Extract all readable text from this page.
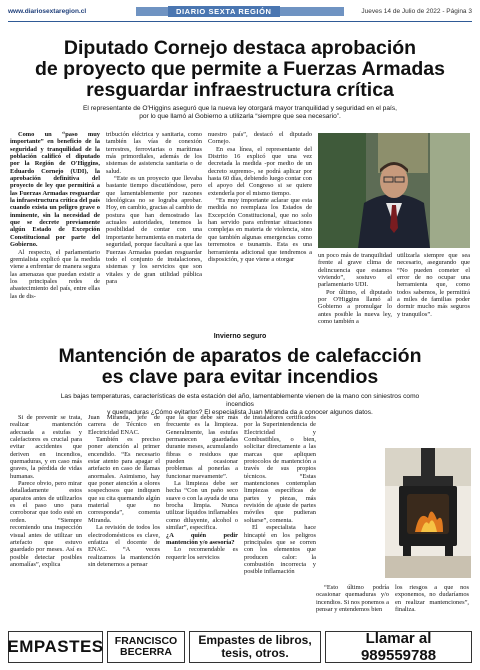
www.diariosextaregion.cl	DIARIO SEXTA REGIÓN	Jueves 14 de Julio de 2022 - Página 3
Diputado Cornejo destaca aprobación
de proyecto que permite a Fuerzas Armadas
resguardar infraestructura crítica
El representante de O'Higgins aseguró que la nueva ley otorgará mayor tranquilidad y seguridad en el país,
por lo que llamó al Gobierno a utilizarla “siempre que sea necesario”.

Como un “paso muy importante” en beneficio de la seguridad y tranquilidad de la población calificó el diputado por la Región de O'Higgins, Eduardo Cornejo (UDI), la aprobación definitiva del proyecto de ley que permitirá a las Fuerzas Armadas resguardar la infraestructura crítica del país cuando exista un peligro grave o inminente, sin la necesidad de que se decrete previamente algún Estado de Excepción Constitucional por parte del Gobierno.

Al respecto, el parlamentario gremialista explicó que la medida viene a enfrentar de manera segura las amenazas que puedan existir a los principales redes de abastecimiento del país, entre ellas las de dis-

tribución eléctrica y sanitaria, como también las vías de conexión terrestres, ferroviarias o marítimas más primordiales, además de los sistemas de asistencia sanitaria o de salud.

“Este es un proyecto que llevaba bastante tiempo discutiéndose, pero que lamentablemente por razones ideológicas no se lograba aprobar. Hoy, en cambio, gracias al cambio de postura que han demostrado las actuales autoridades, tenemos la posibilidad de contar con una importante herramienta en materia de seguridad, porque facultará a que las Fuerzas Armadas puedan resguardar todo el conjunto de instalaciones, sistemas y los servicios que son vitales y de gran utilidad pública para

nuestro país”, destacó el diputado Cornejo.

En esa línea, el representante del Distrito 16 explicó que una vez decretada la medida -por medio de un decreto supremo-, se podrá aplicar por hasta 60 días, debiendo luego contar con el apoyo del Congreso si se quiere extenderla por el mismo tiempo.

“Es muy importante aclarar que esta medida no reemplaza los Estados de Excepción Constitucional, que no solo han servido para enfrentar situaciones complejas en materia de violencia, sino que también algunas emergencias como terremotos e tsunamis. Esta es una herramienta adicional que tendremos a disposición, y que viene a otorgar

un poco más de tranquilidad frente al grave clima de delincuencia que estamos viviendo”, sostuvo el parlamentario UDI.

Por último, el diputado por O'Higgins llamó al Gobierno a promulgar lo antes posible la nueva ley, como también a

utilizarla siempre que sea necesario, asegurando que “No pueden cometer el error de no ocupar una herramienta que, como todos sabemos, le permitirá a miles de familias poder dormir mucho más seguros y tranquilos”.

Invierno seguro
Mantención de aparatos de calefacción
es clave para evitar incendios
Las bajas temperaturas, características de esta estación del año, lamentablemente vienen de la mano con siniestros como incendios
y quemaduras ¿Cómo evitarlos? El especialista Juan Miranda da a conocer algunos datos.

Si de prevenir se trata, realizar mantención adecuada a estufas y calefactores es crucial para evitar accidentes que deriven en incendios, quemaduras, y en caso más graves, la pérdida de vidas humanas.

Parece obvio, pero mirar detalladamente estos aparatos antes de utilizarlos es el paso uno para corroborar que todo esté en orden. “Siempre recomiendo una inspección visual antes de utilizar un artefacto que estuvo guardado por meses. Así es posible detectar posibles anomalías”, explica

Juan Miranda, jefe de carrera de Técnico en Electricidad ENAC.

También es preciso poner atención al primer encendido. “Es necesario estar atento para apagar el artefacto en caso de llamas anormales. Asimismo, hay que poner atención a olores sospechosos que indiquen que su cita quemando algún material que no corresponda”, comenta Miranda.

La revisión de todos los electrodomésticos es clave, enfatiza el docente de ENAC. “A veces realizamos la mantención sin detenernos a pensar

que la que debe ser más frecuente es la limpieza. Generalmente, las estufas permanecen guardadas durante meses, acumulando fibras o residuos que pueden ocasionar problemas al ponerlas a funcionar nuevamente”.

La limpieza debe ser hecha “Con un paño seco suave o con la ayuda de una brocha limpia. Nunca utilizar líquidos inflamables como diluyente, alcohol o similar”, especifica.

¿A quién pedir mantención y/o asesoría?

Lo recomendable es requerir los servicios

de instaladores certificados por la Superintendencia de Electricidad y Combustibles, o bien, solicitar directamente a las marcas que apliquen protocolos de mantención a través de sus propios técnicos. “Estas mantenciones contemplan limpiezas específicas de partes y piezas, más revisión de ajuste de partes móviles que pudieran soltarse”, comenta.

El especialista hace hincapié en los peligros principales que se corren con los elementos que producen calor: la combustión incorrecta y posible inflamación

“Esto último podría ocasionar quemaduras y/o incendios. Si nos ponemos a pensar y entendemos bien

los riesgos a que nos exponemos, no dudaríamos en realizar mantenciones”, finaliza.

EMPASTES FRANCISCO
BECERRA
Empastes de libros,
tesis, otros.
Llamar al 989559788
